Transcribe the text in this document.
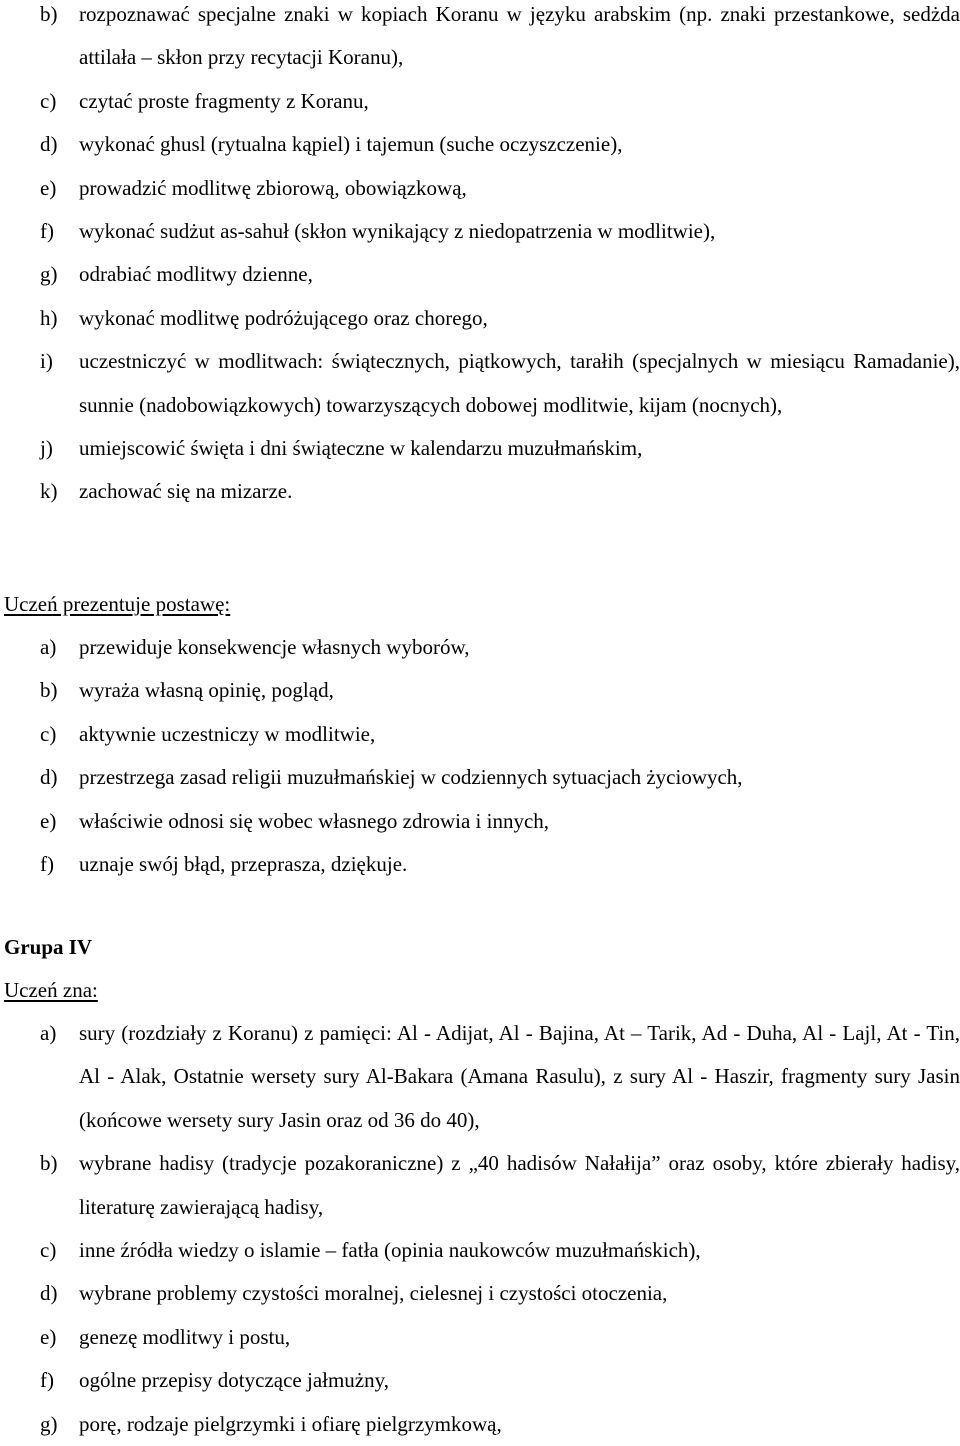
b) rozpoznawać specjalne znaki w kopiach Koranu w języku arabskim (np. znaki przestankowe, sedżda attilała – skłon przy recytacji Koranu),
c) czytać proste fragmenty z Koranu,
d) wykonać ghusl (rytualna kąpiel) i tajemun (suche oczyszczenie),
e) prowadzić modlitwę zbiorową, obowiązkową,
f) wykonać sudżut as-sahuł (skłon wynikający z niedopatrzenia w modlitwie),
g) odrabiać modlitwy dzienne,
h) wykonać modlitwę podróżującego oraz chorego,
i) uczestniczyć w modlitwach: świątecznych, piątkowych, tarałih (specjalnych w miesiącu Ramadanie), sunnie (nadobowiązkowych) towarzyszących dobowej modlitwie, kijam (nocnych),
j) umiejscowić święta i dni świąteczne w kalendarzu muzułmańskim,
k) zachować się na mizarze.
Uczeń prezentuje postawę:
a) przewiduje konsekwencje własnych wyborów,
b) wyraża własną opinię, pogląd,
c) aktywnie uczestniczy w modlitwie,
d) przestrzega zasad religii muzułmańskiej w codziennych sytuacjach życiowych,
e) właściwie odnosi się wobec własnego zdrowia i innych,
f) uznaje swój błąd, przeprasza, dziękuje.
Grupa IV
Uczeń zna:
a) sury (rozdziały z Koranu) z pamięci: Al - Adijat, Al - Bajina, At – Tarik, Ad - Duha, Al - Lajl, At - Tin, Al - Alak, Ostatnie wersety sury Al-Bakara (Amana Rasulu), z sury Al - Haszir, fragmenty sury Jasin (końcowe wersety sury Jasin oraz od 36 do 40),
b) wybrane hadisy (tradycje pozakoraniczne) z „40 hadisów Nałałija” oraz osoby, które zbierały hadisy, literaturę zawierającą hadisy,
c) inne źródła wiedzy o islamie – fatła (opinia naukowców muzułmańskich),
d) wybrane problemy czystości moralnej, cielesnej i czystości otoczenia,
e) genezę modlitwy i postu,
f) ogólne przepisy dotyczące jałmużny,
g) porę, rodzaje pielgrzymki i ofiarę pielgrzymkową,
